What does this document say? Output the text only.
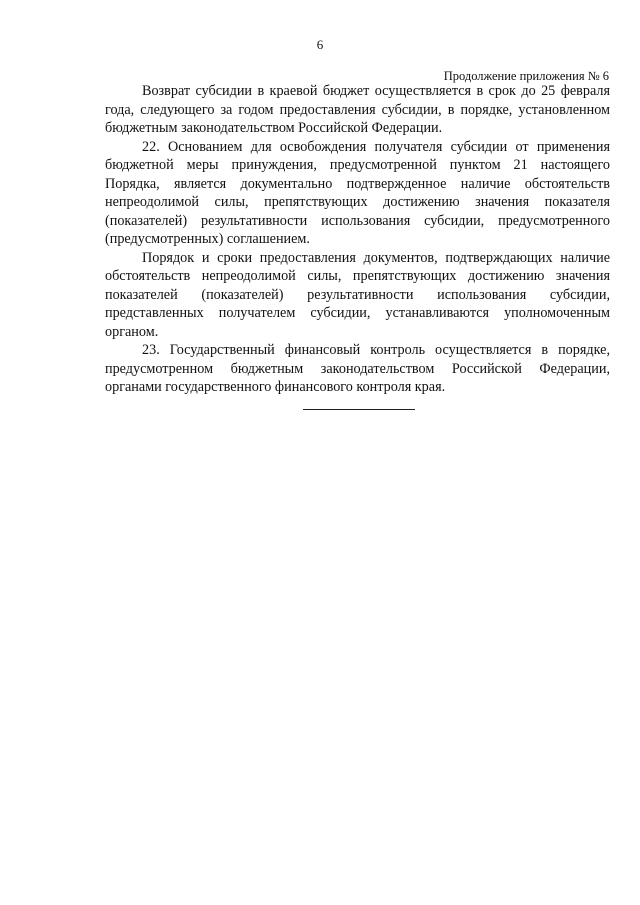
6
Продолжение приложения № 6

Возврат субсидии в краевой бюджет осуществляется в срок до 25 февраля года, следующего за годом предоставления субсидии, в порядке, установленном бюджетным законодательством Российской Федерации.

22. Основанием для освобождения получателя субсидии от применения бюджетной меры принуждения, предусмотренной пунктом 21 настоящего Порядка, является документально подтвержденное наличие обстоятельств непреодолимой силы, препятствующих достижению значения показателя (показателей) результативности использования субсидии, предусмотренного (предусмотренных) соглашением.

Порядок и сроки предоставления документов, подтверждающих наличие обстоятельств непреодолимой силы, препятствующих достижению значения показателей (показателей) результативности использования субсидии, представленных получателем субсидии, устанавливаются уполномоченным органом.

23. Государственный финансовый контроль осуществляется в порядке, предусмотренном бюджетным законодательством Российской Федерации, органами государственного финансового контроля края.
